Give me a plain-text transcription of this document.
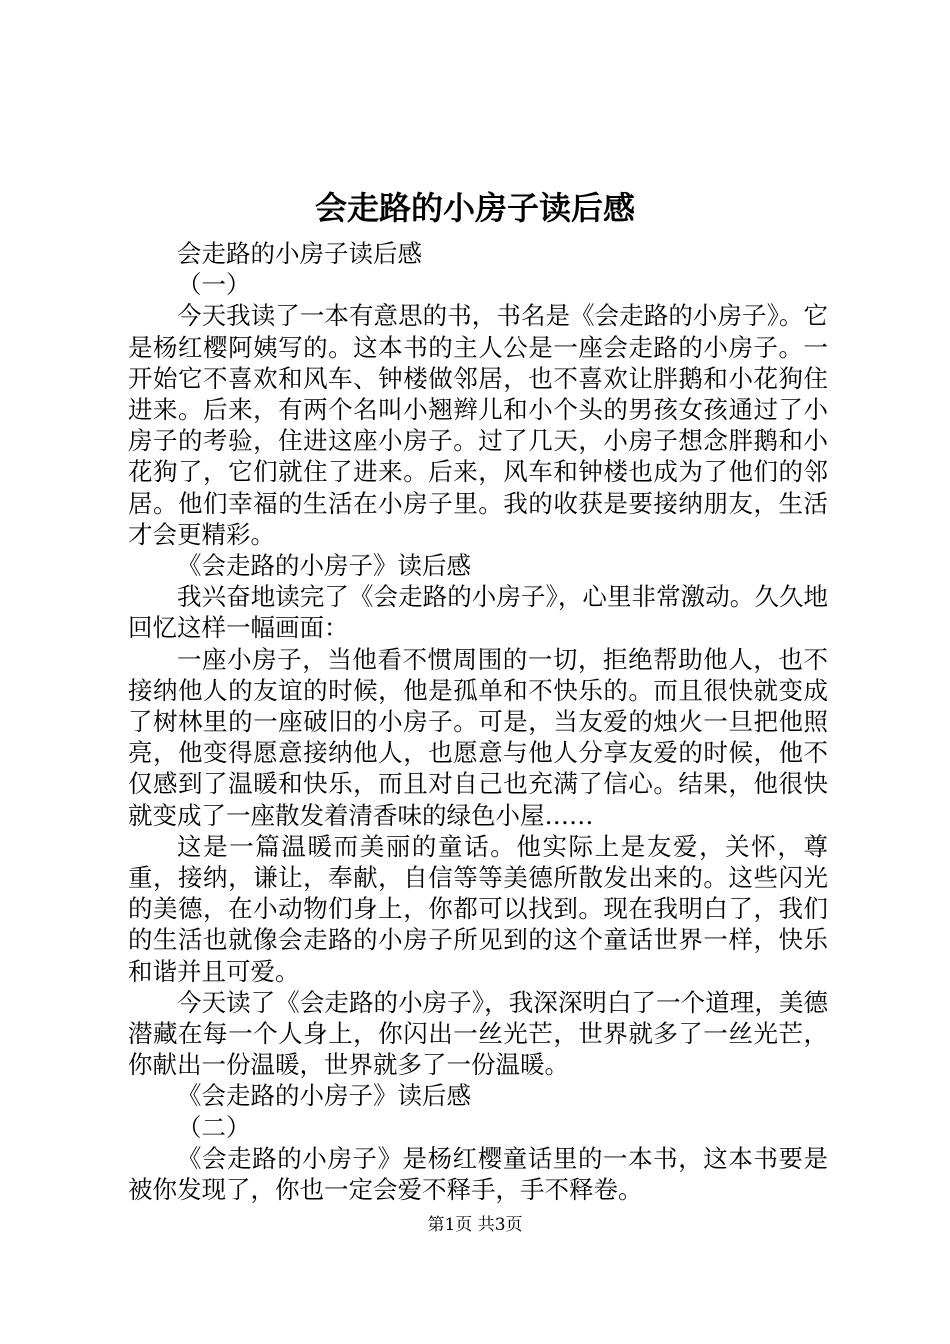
会走路的小房子读后感

会走路的小房子读后感

（一）

今天我读了一本有意思的书，书名是《会走路的小房子》。它是杨红樱阿姨写的。这本书的主人公是一座会走路的小房子。一开始它不喜欢和风车、钟楼做邻居，也不喜欢让胖鹅和小花狗住进来。后来，有两个名叫小翘辫儿和小个头的男孩女孩通过了小房子的考验，住进这座小房子。过了几天，小房子想念胖鹅和小花狗了，它们就住了进来。后来，风车和钟楼也成为了他们的邻居。他们幸福的生活在小房子里。我的收获是要接纳朋友，生活才会更精彩。

《会走路的小房子》读后感

我兴奋地读完了《会走路的小房子》，心里非常激动。久久地回忆这样一幅画面：

一座小房子，当他看不惯周围的一切，拒绝帮助他人，也不接纳他人的友谊的时候，他是孤单和不快乐的。而且很快就变成了树林里的一座破旧的小房子。可是，当友爱的烛火一旦把他照亮，他变得愿意接纳他人，也愿意与他人分享友爱的时候，他不仅感到了温暖和快乐，而且对自己也充满了信心。结果，他很快就变成了一座散发着清香味的绿色小屋……

这是一篇温暖而美丽的童话。他实际上是友爱，关怀，尊重，接纳，谦让，奉献，自信等等美德所散发出来的。这些闪光的美德，在小动物们身上，你都可以找到。现在我明白了，我们的生活也就像会走路的小房子所见到的这个童话世界一样，快乐和谐并且可爱。

今天读了《会走路的小房子》，我深深明白了一个道理，美德潜藏在每一个人身上，你闪出一丝光芒，世界就多了一丝光芒，你献出一份温暖，世界就多了一份温暖。

《会走路的小房子》读后感

（二）

《会走路的小房子》是杨红樱童话里的一本书，这本书要是被你发现了，你也一定会爱不释手，手不释卷。

第1页 共3页
